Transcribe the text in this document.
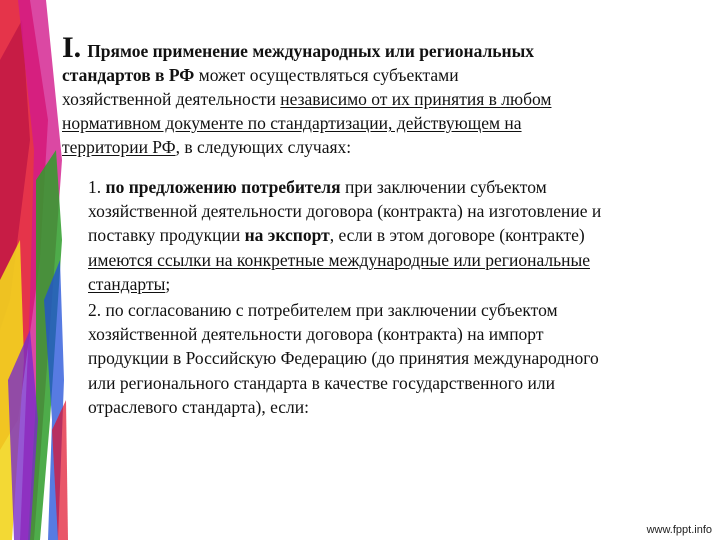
I. Прямое применение международных или региональных

стандартов в РФ может осуществляться субъектами

хозяйственной деятельности независимо от их принятия в любом

нормативном документе по стандартизации, действующем на

территории РФ, в следующих случаях:

1. по предложению потребителя при заключении субъектом

хозяйственной деятельности договора (контракта) на изготовление и

поставку продукции на экспорт, если в этом договоре (контракте)

имеются ссылки на конкретные международные или региональные

стандарты;

2. по согласованию с потребителем при заключении субъектом

хозяйственной деятельности договора (контракта) на импорт

продукции в Российскую Федерацию (до принятия международного

или регионального стандарта в качестве государственного или

отраслевого стандарта), если:

www.fppt.info
